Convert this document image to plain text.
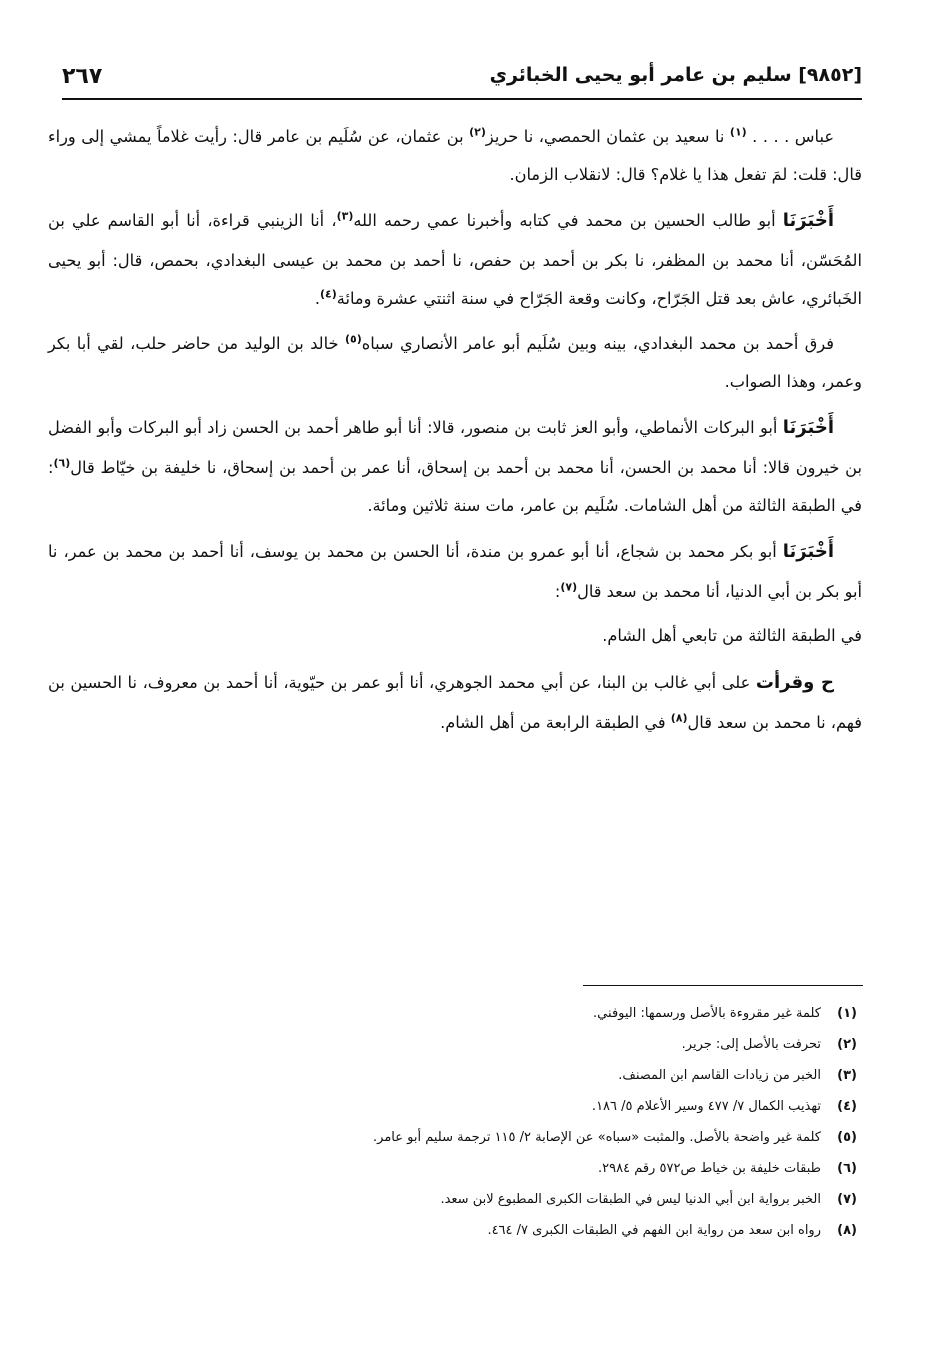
٢٦٧	[٩٨٥٢] سليم بن عامر أبو يحيى الخبائري

عباس . . . . $^{(١)}$ نا سعيد بن عثمان الحمصي، نا حريز$^{(٢)}$ بن عثمان، عن سُلَيم بن عامر قال: رأيت غلاماً يمشي إلى وراء قال: قلت: لمَ تفعل هذا يا غلام؟ قال: لانقلاب الزمان.

أَخْبَرَنَا أبو طالب الحسين بن محمد في كتابه وأخبرنا عمي رحمه الله$^{(٣)}$، أنا الزينبي قراءة، أنا أبو القاسم علي بن المُحَسّن، أنا محمد بن المظفر، نا بكر بن أحمد بن حفص، نا أحمد بن محمد بن عيسى البغدادي، بحمص، قال: أبو يحيى الخَبائري، عاش بعد قتل الجَرّاح، وكانت وقعة الجَرّاح في سنة اثنتي عشرة ومائة$^{(٤)}$.

فرق أحمد بن محمد البغدادي، بينه وبين سُلَيم أبو عامر الأنصاري سباه$^{(٥)}$ خالد بن الوليد من حاضر حلب، لقي أبا بكر وعمر، وهذا الصواب.

أَخْبَرَنَا أبو البركات الأنماطي، وأبو العز ثابت بن منصور، قالا: أنا أبو طاهر أحمد بن الحسن زاد أبو البركات وأبو الفضل بن خيرون قالا: أنا محمد بن الحسن، أنا محمد بن أحمد بن إسحاق، أنا عمر بن أحمد بن إسحاق، نا خليفة بن خيّاط قال$^{(٦)}$: في الطبقة الثالثة من أهل الشامات. سُلَيم بن عامر، مات سنة ثلاثين ومائة.

أَخْبَرَنَا أبو بكر محمد بن شجاع، أنا أبو عمرو بن مندة، أنا الحسن بن محمد بن يوسف، أنا أحمد بن محمد بن عمر، نا أبو بكر بن أبي الدنيا، أنا محمد بن سعد قال$^{(٧)}$:

في الطبقة الثالثة من تابعي أهل الشام.

ح وقرأت على أبي غالب بن البنا، عن أبي محمد الجوهري، أنا أبو عمر بن حيّوية، أنا أحمد بن معروف، نا الحسين بن فهم، نا محمد بن سعد قال$^{(٨)}$ في الطبقة الرابعة من أهل الشام.

(١)كلمة غير مقروءة بالأصل ورسمها: اليوفني.
(٢)تحرفت بالأصل إلى: جرير.
(٣)الخبر من زيادات القاسم ابن المصنف.
(٤)تهذيب الكمال ٧/ ٤٧٧ وسير الأعلام ٥/ ١٨٦.
(٥)كلمة غير واضحة بالأصل. والمثبت «سباه» عن الإصابة ٢/ ١١٥ ترجمة سليم أبو عامر.
(٦)طبقات خليفة بن خياط ص٥٧٢ رقم ٢٩٨٤.
(٧)الخبر برواية ابن أبي الدنيا ليس في الطبقات الكبرى المطبوع لابن سعد.
(٨)رواه ابن سعد من رواية ابن الفهم في الطبقات الكبرى ٧/ ٤٦٤.
